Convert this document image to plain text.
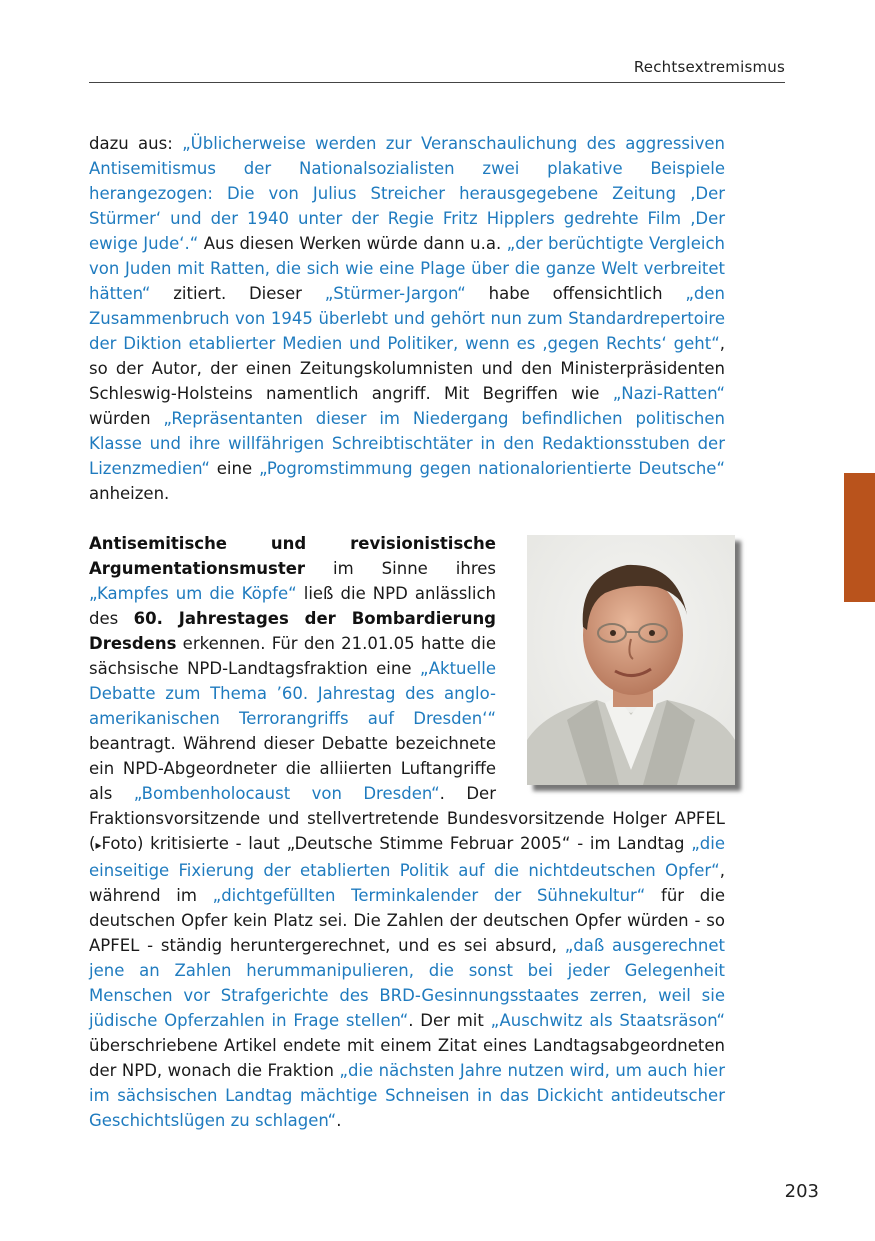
Rechtsextremismus
dazu aus: „Üblicherweise werden zur Veranschaulichung des aggressiven Antisemitismus der Nationalsozialisten zwei plakative Beispiele herangezogen: Die von Julius Streicher herausgegebene Zeitung ‚Der Stürmer‘ und der 1940 unter der Regie Fritz Hipplers gedrehte Film ‚Der ewige Jude‘.“ Aus diesen Werken würde dann u.a. „der berüchtigte Vergleich von Juden mit Ratten, die sich wie eine Plage über die ganze Welt verbreitet hätten“ zitiert. Dieser „Stürmer-Jargon“ habe offensichtlich „den Zusammenbruch von 1945 überlebt und gehört nun zum Standardrepertoire der Diktion etablierter Medien und Politiker, wenn es ‚gegen Rechts‘ geht“, so der Autor, der einen Zeitungskolumnisten und den Ministerpräsidenten Schleswig-Holsteins namentlich angriff. Mit Begriffen wie „Nazi-Ratten“ würden „Repräsentanten dieser im Niedergang befindlichen politischen Klasse und ihre willfährigen Schreibtischtäter in den Redaktionsstuben der Lizenzmedien“ eine „Pogromstimmung gegen nationalorientierte Deutsche“ anheizen.
Antisemitische und revisionistische Argumentationsmuster im Sinne ihres „Kampfes um die Köpfe“ ließ die NPD anlässlich des 60. Jahrestages der Bombardierung Dresdens erkennen. Für den 21.01.05 hatte die sächsische NPD-Landtagsfraktion eine „Aktuelle Debatte zum Thema ’60. Jahrestag des anglo-amerikanischen Terrorangriffs auf Dresden‘“ beantragt. Während dieser Debatte bezeichnete ein NPD-Abgeordneter die alliierten Luftangriffe als „Bombenholocaust von Dresden“. Der Fraktionsvorsitzende und stellvertretende Bundesvorsitzende Holger APFEL (▸Foto) kritisierte - laut „Deutsche Stimme Februar 2005“ - im Landtag „die einseitige Fixierung der etablierten Politik auf die nichtdeutschen Opfer“, während im „dichtgefüllten Terminkalender der Sühnekultur“ für die deutschen Opfer kein Platz sei. Die Zahlen der deutschen Opfer würden - so APFEL - ständig heruntergerechnet, und es sei absurd, „daß ausgerechnet jene an Zahlen herummanipulieren, die sonst bei jeder Gelegenheit Menschen vor Strafgerichte des BRD-Gesinnungsstaates zerren, weil sie jüdische Opferzahlen in Frage stellen“. Der mit „Auschwitz als Staatsräson“ überschriebene Artikel endete mit einem Zitat eines Landtagsabgeordneten der NPD, wonach die Fraktion „die nächsten Jahre nutzen wird, um auch hier im sächsischen Landtag mächtige Schneisen in das Dickicht antideutscher Geschichtslügen zu schlagen“.
203
